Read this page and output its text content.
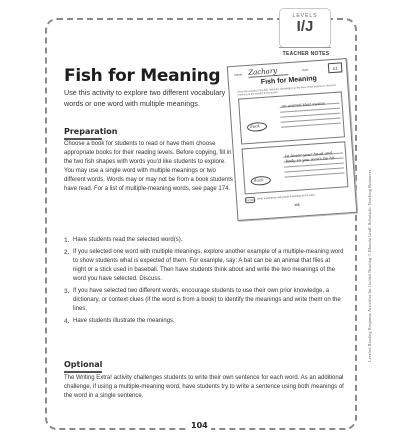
LEVELS
I/J
TEACHER NOTES
Fish for Meaning

Use this activity to explore two different vocabulary words or one word with multiple meanings.

Preparation

Choose a book for students to read or have them choose appropriate books for their reading levels. Before copying, fill in the two fish shapes with words you'd like students to explore. You may use a single word with multiple meanings or two different words. Words may or may not be from a book students have read. For a list of multiple-meaning words, see page 174.

Name Zachary	Date	I/J
Fish for Meaning
Read the word(s) in the fish. Write the meaning(s) on the lines. Draw pictures to show the meaning of the word(s) in the boxes.
duck
an animal that swims
duck
to lower your head and body so you won't be hit
EXTRA Write a sentence using both meanings of the word.
105
1. Have students read the selected word(s).
2. If you selected one word with multiple meanings, explore another example of a multiple-meaning word to show students what is expected of them. For example, say: A bat can be an animal that flies at night or a stick used in baseball. Then have students think about and write the two meanings of the word you have selected. Discuss.
3. If you have selected two different words, encourage students to use their own prior knowledge, a dictionary, or context clues (if the word is from a book) to identify the meanings and write them on the lines.
4. Have students illustrate the meanings.
Optional

The Writing Extra! activity challenges students to write their own sentence for each word. As an additional challenge, if using a multiple-meaning word, have students try to write a sentence using both meanings of the word in a single sentence.

104
Leveled Reading Response Activities for Guided Reading © Rhonda Graff, Scholastic Teaching Resources
